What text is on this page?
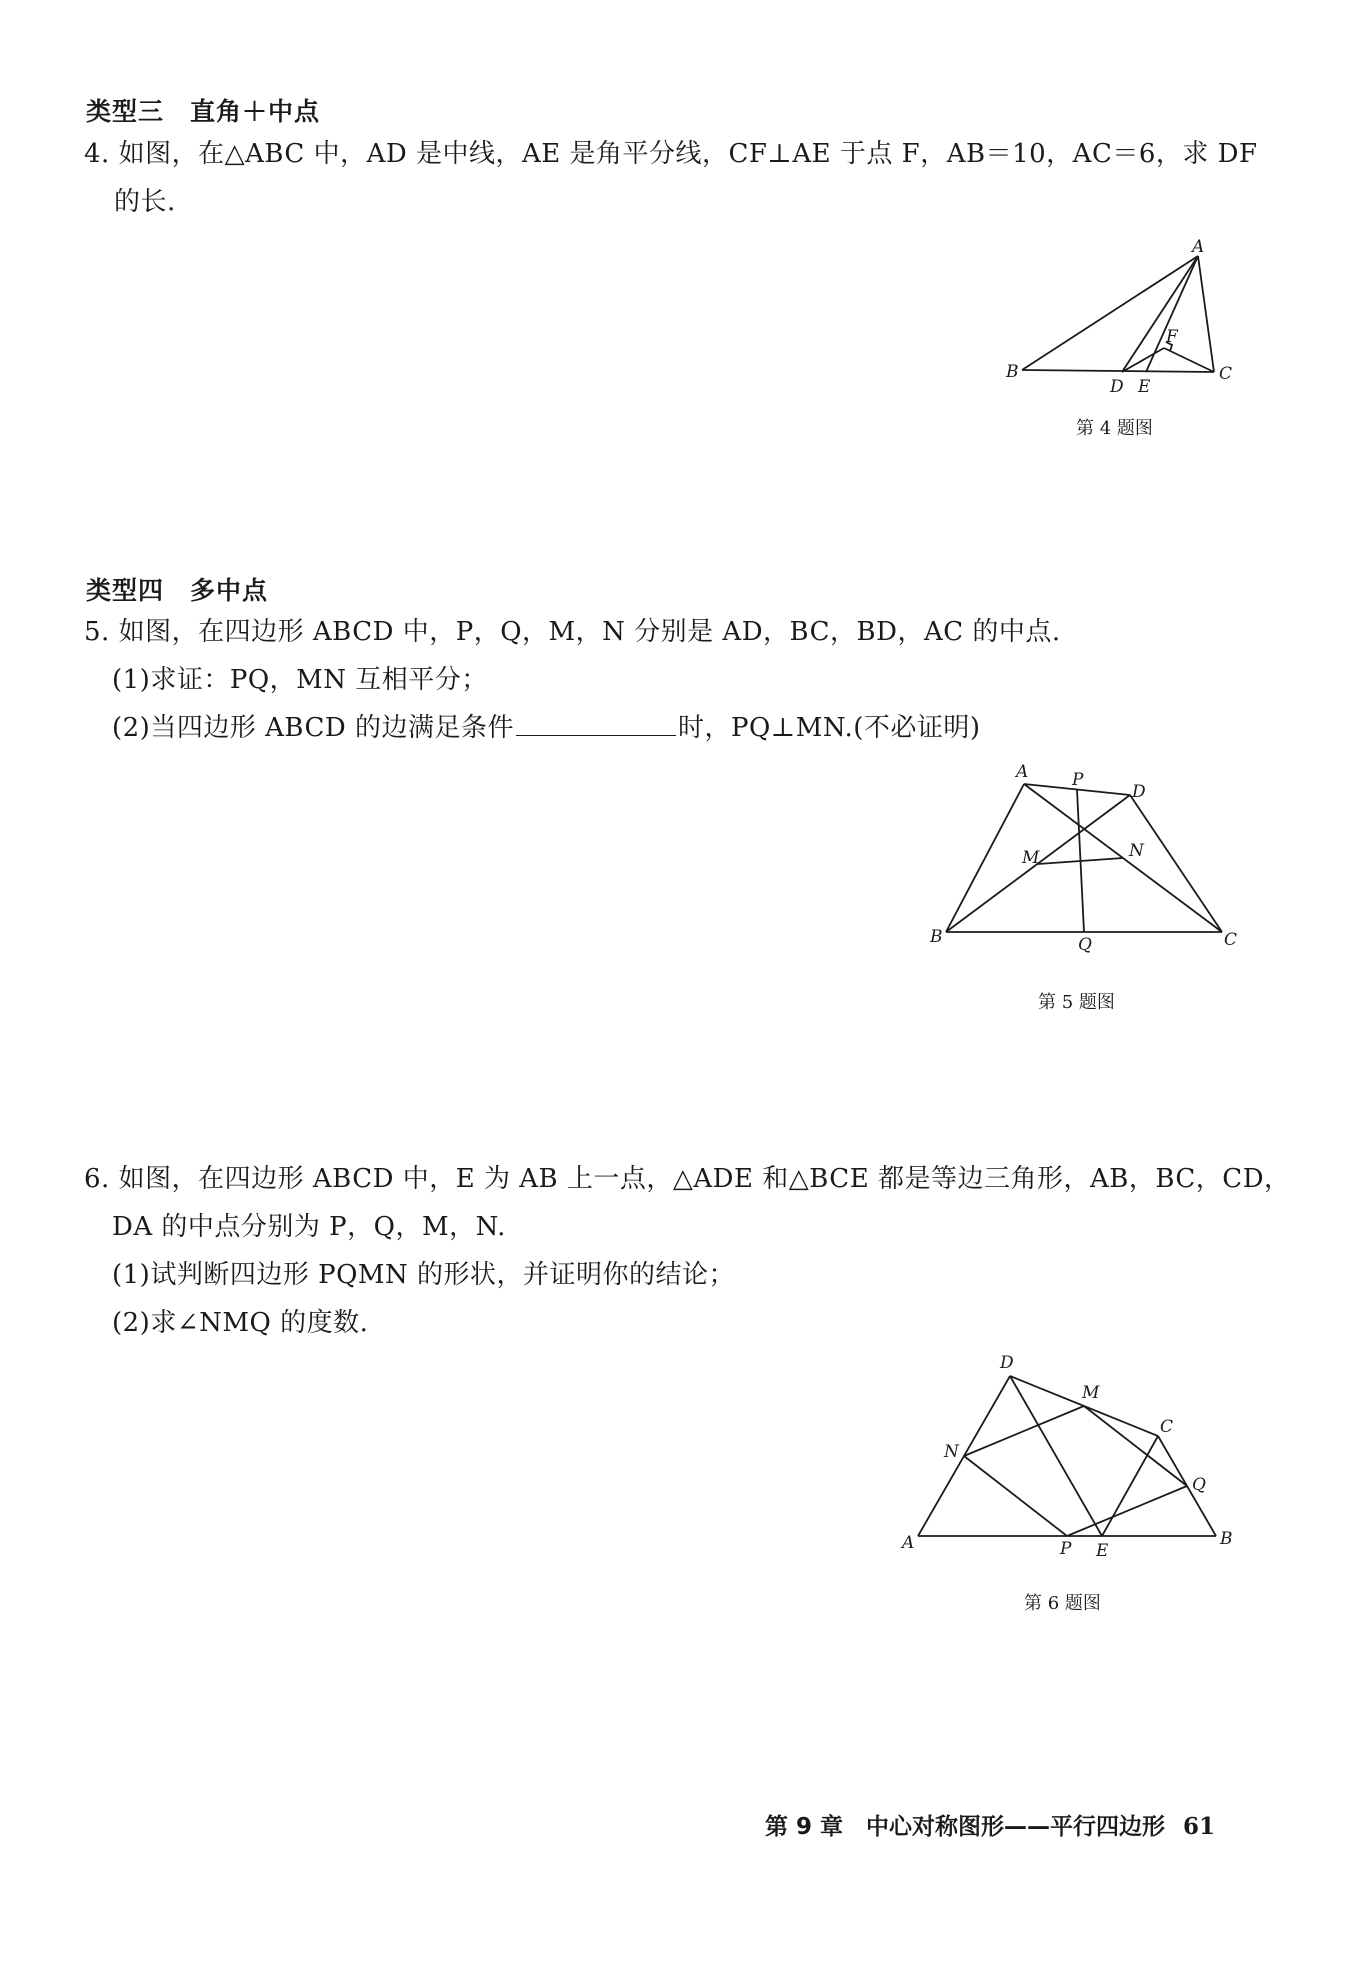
类型三　直角＋中点
4. 如图，在△ABC 中，AD 是中线，AE 是角平分线，CF⊥AE 于点 F，AB＝10，AC＝6，求 DF
的长.
A
B	C
D E
F
第 4 题图
类型四　多中点
5. 如图，在四边形 ABCD 中，P，Q，M，N 分别是 AD，BC，BD，AC 的中点.
(1)求证：PQ，MN 互相平分；
(2)当四边形 ABCD 的边满足条件	时，PQ⊥MN.(不必证明)
A	P
D
M	N
B	Q	C
第 5 题图
6. 如图，在四边形 ABCD 中，E 为 AB 上一点，△ADE 和△BCE 都是等边三角形，AB，BC，CD，
DA 的中点分别为 P，Q，M，N.
(1)试判断四边形 PQMN 的形状，并证明你的结论；
(2)求∠NMQ 的度数.
D
M
C
N
Q
A	P E
B
第 6 题图
第 9 章　中心对称图形——平行四边形 61
